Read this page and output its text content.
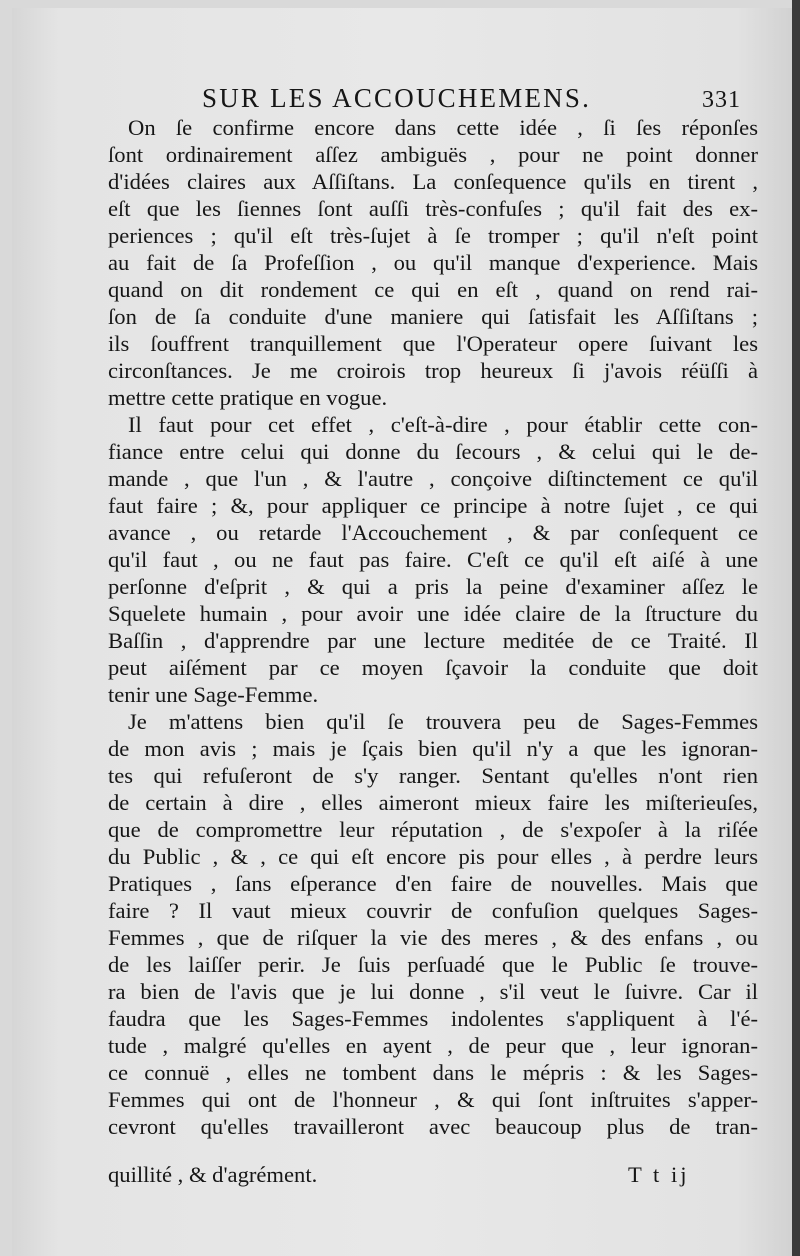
SUR LES ACCOUCHEMENS.	331
On ſe confirme encore dans cette idée , ſi ſes réponſes
ſont ordinairement aſſez ambiguës , pour ne point donner
d'idées claires aux Aſſiſtans. La conſequence qu'ils en tirent ,
eſt que les ſiennes ſont auſſi très-confuſes ; qu'il fait des ex-
periences ; qu'il eſt très-ſujet à ſe tromper ; qu'il n'eſt point
au fait de ſa Profeſſion , ou qu'il manque d'experience. Mais
quand on dit rondement ce qui en eſt , quand on rend rai-
ſon de ſa conduite d'une maniere qui ſatisfait les Aſſiſtans ;
ils ſouffrent tranquillement que l'Operateur opere ſuivant les
circonſtances. Je me croirois trop heureux ſi j'avois réüſſi à
mettre cette pratique en vogue.
Il faut pour cet effet , c'eſt-à-dire , pour établir cette con-
fiance entre celui qui donne du ſecours , & celui qui le de-
mande , que l'un , & l'autre , conçoive diſtinctement ce qu'il
faut faire ; &, pour appliquer ce principe à notre ſujet , ce qui
avance , ou retarde l'Accouchement , & par conſequent ce
qu'il faut , ou ne faut pas faire. C'eſt ce qu'il eſt aiſé à une
perſonne d'eſprit , & qui a pris la peine d'examiner aſſez le
Squelete humain , pour avoir une idée claire de la ſtructure du
Baſſin , d'apprendre par une lecture meditée de ce Traité. Il
peut aiſément par ce moyen ſçavoir la conduite que doit
tenir une Sage-Femme.
Je m'attens bien qu'il ſe trouvera peu de Sages-Femmes
de mon avis ; mais je ſçais bien qu'il n'y a que les ignoran-
tes qui refuſeront de s'y ranger. Sentant qu'elles n'ont rien
de certain à dire , elles aimeront mieux faire les miſterieuſes,
que de compromettre leur réputation , de s'expoſer à la riſée
du Public , & , ce qui eſt encore pis pour elles , à perdre leurs
Pratiques , ſans eſperance d'en faire de nouvelles. Mais que
faire ? Il vaut mieux couvrir de confuſion quelques Sages-
Femmes , que de riſquer la vie des meres , & des enfans , ou
de les laiſſer perir. Je ſuis perſuadé que le Public ſe trouve-
ra bien de l'avis que je lui donne , s'il veut le ſuivre. Car il
faudra que les Sages-Femmes indolentes s'appliquent à l'é-
tude , malgré qu'elles en ayent , de peur que , leur ignoran-
ce connuë , elles ne tombent dans le mépris : & les Sages-
Femmes qui ont de l'honneur , & qui ſont inſtruites s'apper-
cevront qu'elles travailleront avec beaucoup plus de tran-
quillité , & d'agrément.	T t ij
